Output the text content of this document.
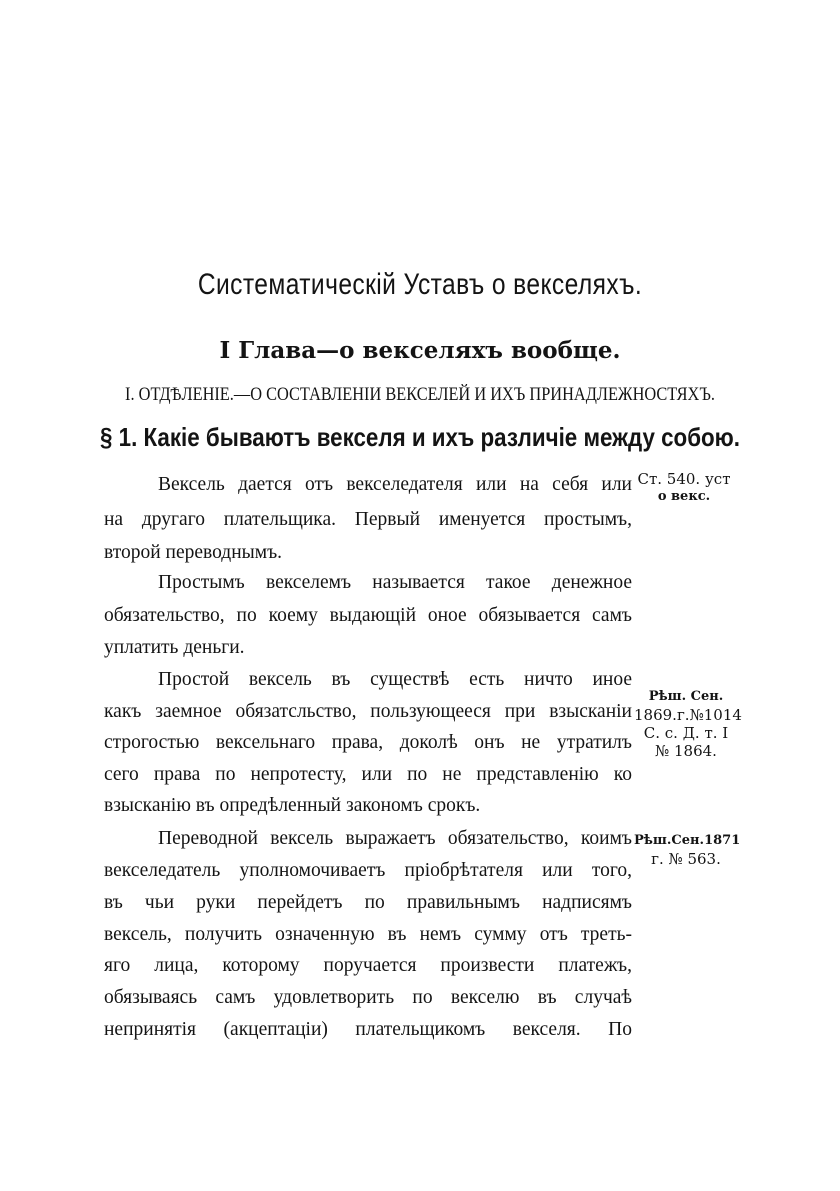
Систематическій Уставъ о векселяхъ.
I Глава—о векселяхъ вообще.
I. ОТДѢЛЕНІЕ.—О СОСТАВЛЕНІИ ВЕКСЕЛЕЙ И ИХЪ ПРИНАДЛЕЖНОСТЯХЪ.
§ 1. Какіе бываютъ векселя и ихъ различіе между собою.
Вексель дается отъ векселедателя или на себя или
на другаго плательщика. Первый именуется простымъ,
второй переводнымъ.
Простымъ векселемъ называется такое денежное
обязательство, по коему выдающій оное обязывается самъ
уплатить деньги.
Простой вексель въ существѣ есть ничто иное
какъ заемное обязатсльство, пользующееся при взысканіи
строгостью вексельнаго права, доколѣ онъ не утратилъ
сего права по непротесту, или по не представленію ко
взысканію въ опредѣленный закономъ срокъ.
Переводной вексель выражаетъ обязательство, коимъ
векселедатель уполномочиваетъ пріобрѣтателя или того,
въ чьи руки перейдетъ по правильнымъ надписямъ
вексель, получить означенную въ немъ сумму отъ треть-
яго лица, которому поручается произвести платежъ,
обязываясь самъ удовлетворить по векселю въ случаѣ
непринятія (акцептаціи) плательщикомъ векселя. По
Ст. 540. уст
о векс.
Рѣш. Сен.
1869.г.№1014
С. с. Д. т. I
№ 1864.
Рѣш.Сен.1871
г. № 563.
